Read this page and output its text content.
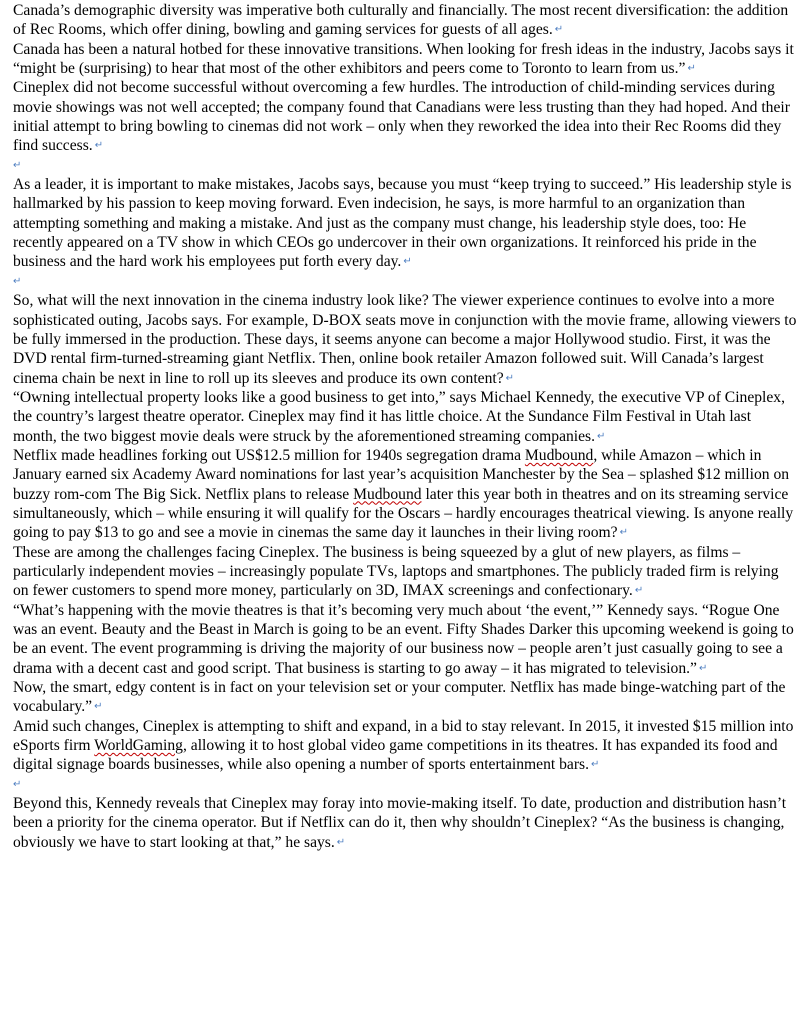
Canada’s demographic diversity was imperative both culturally and financially. The most recent diversification: the addition of Rec Rooms, which offer dining, bowling and gaming services for guests of all ages. ↵

Canada has been a natural hotbed for these innovative transitions. When looking for fresh ideas in the industry, Jacobs says it “might be (surprising) to hear that most of the other exhibitors and peers come to Toronto to learn from us.” ↵

Cineplex did not become successful without overcoming a few hurdles. The introduction of child-minding services during movie showings was not well accepted; the company found that Canadians were less trusting than they had hoped. And their initial attempt to bring bowling to cinemas did not work – only when they reworked the idea into their Rec Rooms did they find success. ↵

↵

As a leader, it is important to make mistakes, Jacobs says, because you must “keep trying to succeed.” His leadership style is hallmarked by his passion to keep moving forward. Even indecision, he says, is more harmful to an organization than attempting something and making a mistake. And just as the company must change, his leadership style does, too: He recently appeared on a TV show in which CEOs go undercover in their own organizations. It reinforced his pride in the business and the hard work his employees put forth every day. ↵

↵

So, what will the next innovation in the cinema industry look like? The viewer experience continues to evolve into a more sophisticated outing, Jacobs says. For example, D-BOX seats move in conjunction with the movie frame, allowing viewers to be fully immersed in the production. These days, it seems anyone can become a major Hollywood studio. First, it was the DVD rental firm-turned-streaming giant Netflix. Then, online book retailer Amazon followed suit. Will Canada’s largest cinema chain be next in line to roll up its sleeves and produce its own content? ↵

“Owning intellectual property looks like a good business to get into,” says Michael Kennedy, the executive VP of Cineplex, the country’s largest theatre operator. Cineplex may find it has little choice. At the Sundance Film Festival in Utah last month, the two biggest movie deals were struck by the aforementioned streaming companies. ↵

Netflix made headlines forking out US$12.5 million for 1940s segregation drama Mudbound, while Amazon – which in January earned six Academy Award nominations for last year’s acquisition Manchester by the Sea – splashed $12 million on buzzy rom-com The Big Sick. Netflix plans to release Mudbound later this year both in theatres and on its streaming service simultaneously, which – while ensuring it will qualify for the Oscars – hardly encourages theatrical viewing. Is anyone really going to pay $13 to go and see a movie in cinemas the same day it launches in their living room? ↵

These are among the challenges facing Cineplex. The business is being squeezed by a glut of new players, as films – particularly independent movies – increasingly populate TVs, laptops and smartphones. The publicly traded firm is relying on fewer customers to spend more money, particularly on 3D, IMAX screenings and confectionary. ↵

“What’s happening with the movie theatres is that it’s becoming very much about ‘the event,’” Kennedy says. “Rogue One was an event. Beauty and the Beast in March is going to be an event. Fifty Shades Darker this upcoming weekend is going to be an event. The event programming is driving the majority of our business now – people aren’t just casually going to see a drama with a decent cast and good script. That business is starting to go away – it has migrated to television.” ↵

Now, the smart, edgy content is in fact on your television set or your computer. Netflix has made binge-watching part of the vocabulary.” ↵

Amid such changes, Cineplex is attempting to shift and expand, in a bid to stay relevant. In 2015, it invested $15 million into eSports firm WorldGaming, allowing it to host global video game competitions in its theatres. It has expanded its food and digital signage boards businesses, while also opening a number of sports entertainment bars. ↵

↵

Beyond this, Kennedy reveals that Cineplex may foray into movie-making itself. To date, production and distribution hasn’t been a priority for the cinema operator. But if Netflix can do it, then why shouldn’t Cineplex? “As the business is changing, obviously we have to start looking at that,” he says. ↵
